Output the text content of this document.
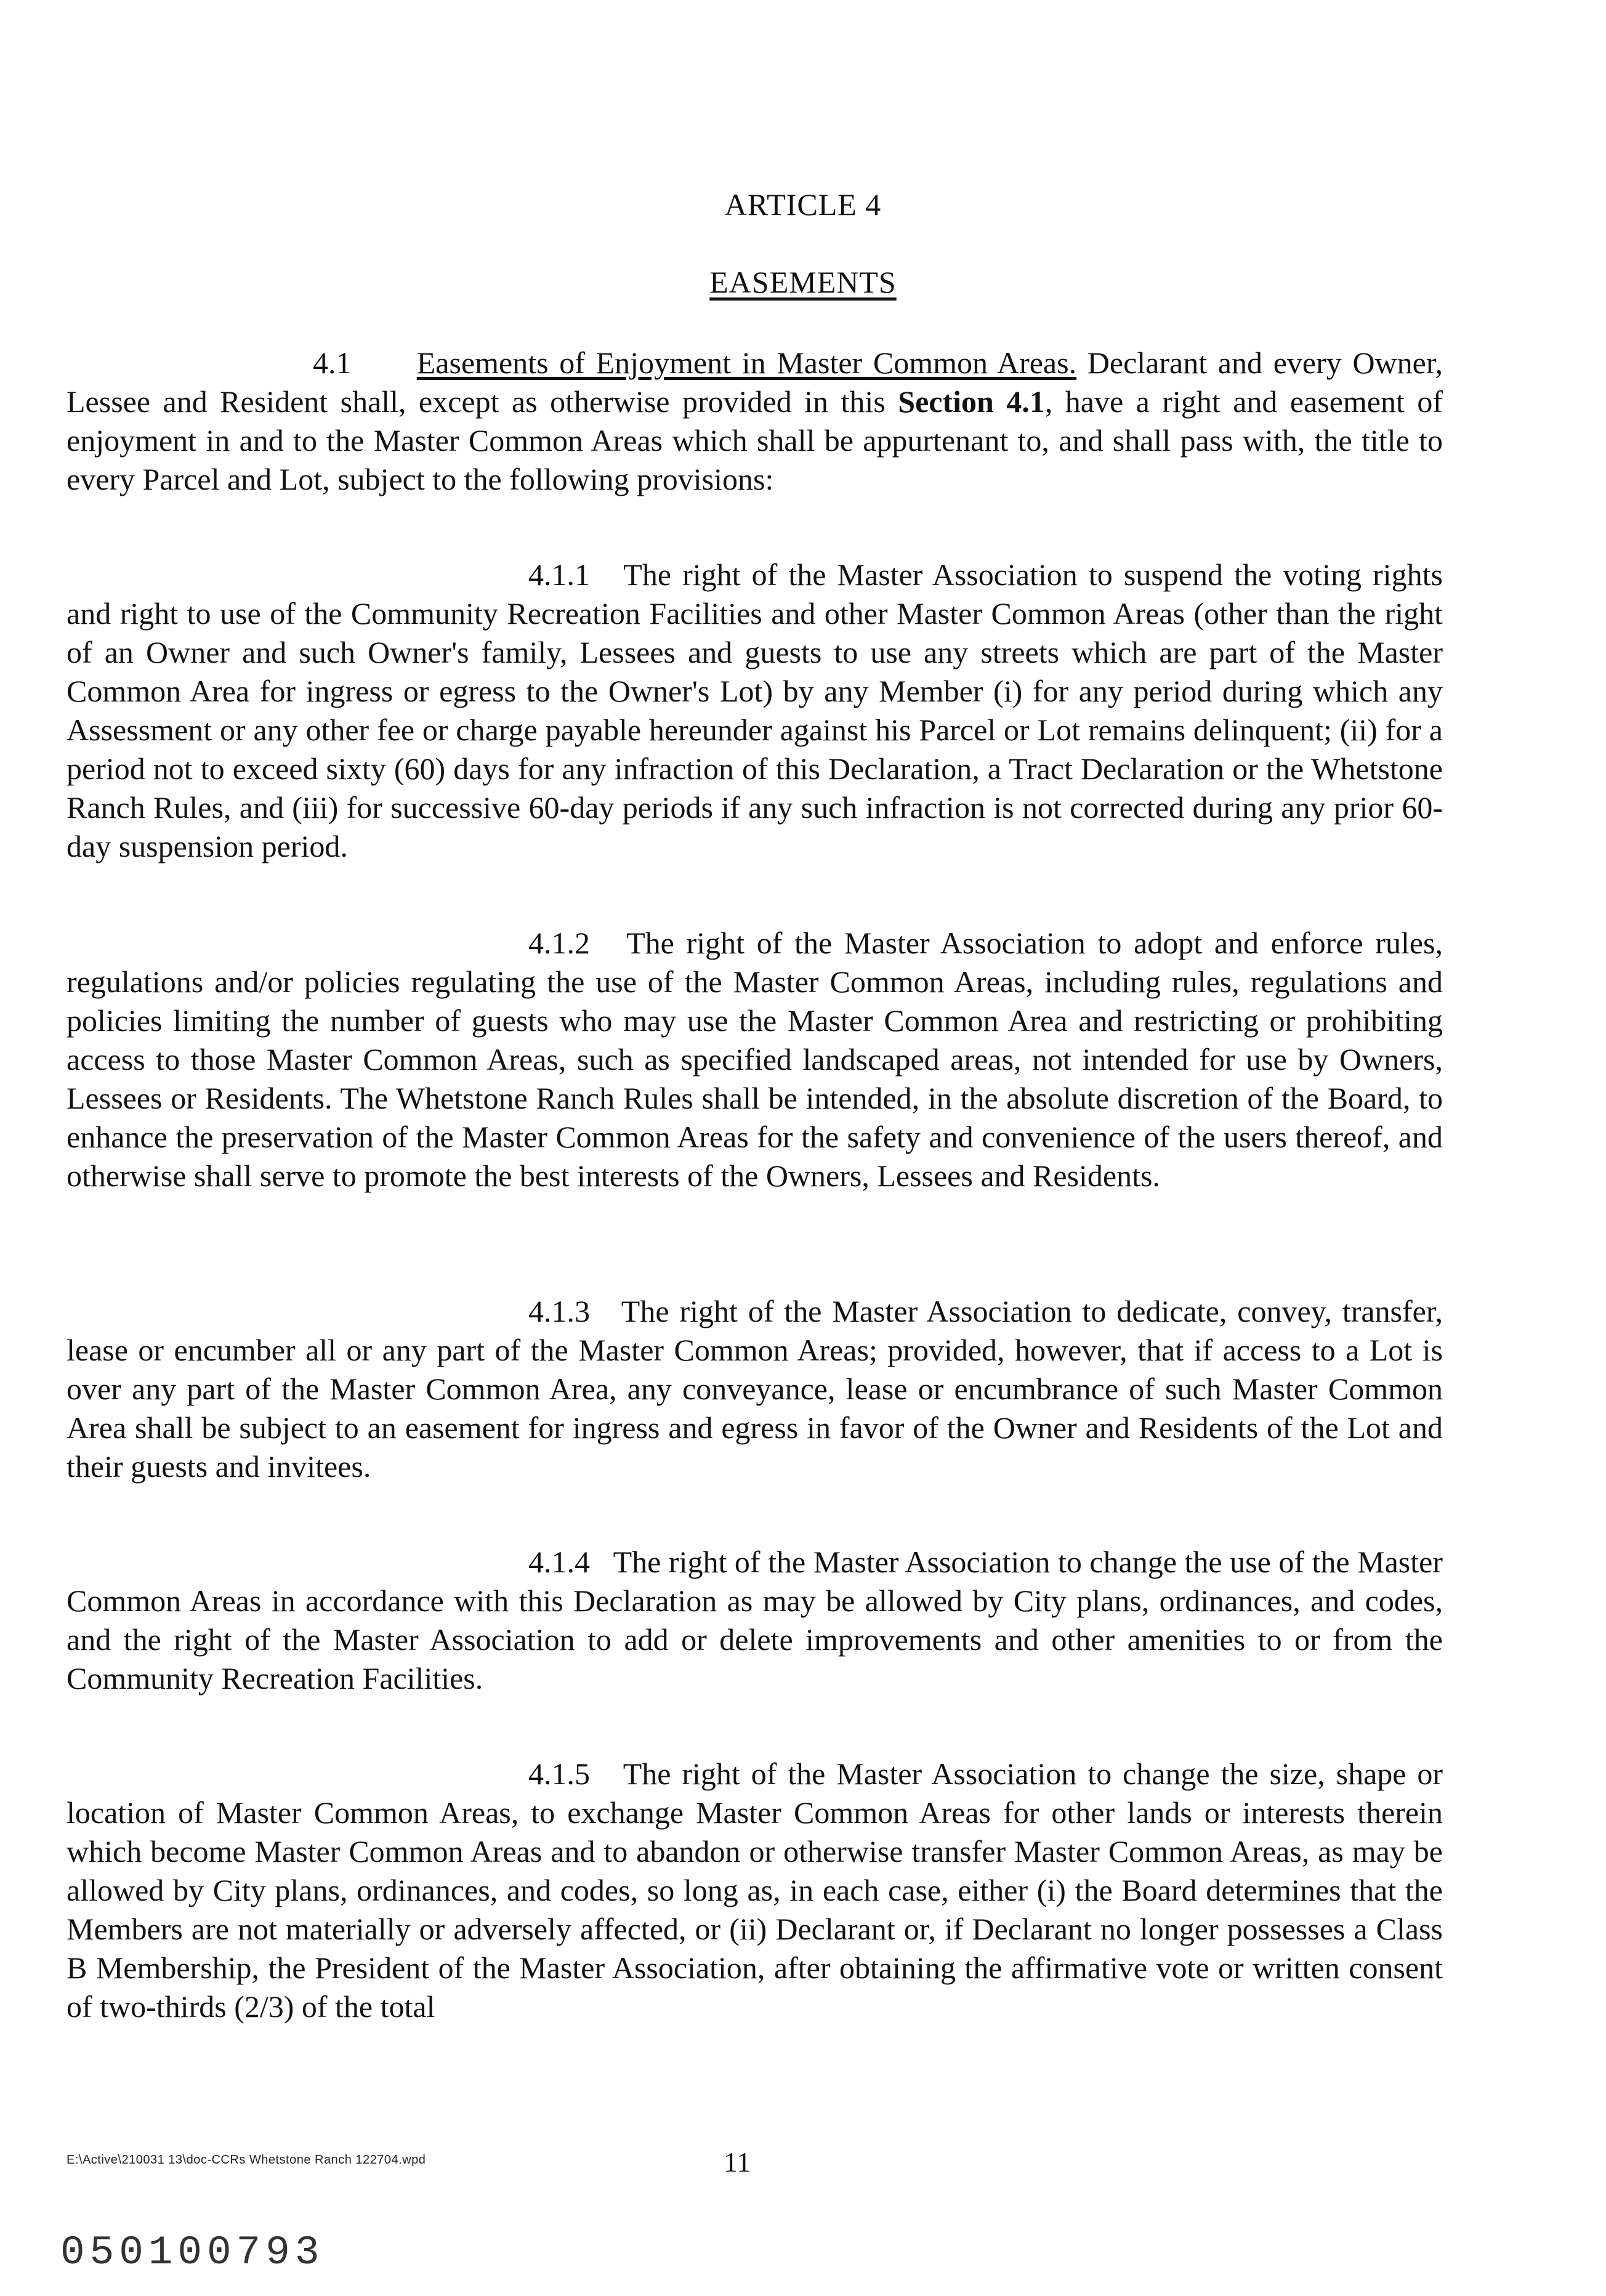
ARTICLE 4
EASEMENTS
4.1 Easements of Enjoyment in Master Common Areas. Declarant and every Owner, Lessee and Resident shall, except as otherwise provided in this Section 4.1, have a right and easement of enjoyment in and to the Master Common Areas which shall be appurtenant to, and shall pass with, the title to every Parcel and Lot, subject to the following provisions:
4.1.1 The right of the Master Association to suspend the voting rights and right to use of the Community Recreation Facilities and other Master Common Areas (other than the right of an Owner and such Owner's family, Lessees and guests to use any streets which are part of the Master Common Area for ingress or egress to the Owner's Lot) by any Member (i) for any period during which any Assessment or any other fee or charge payable hereunder against his Parcel or Lot remains delinquent; (ii) for a period not to exceed sixty (60) days for any infraction of this Declaration, a Tract Declaration or the Whetstone Ranch Rules, and (iii) for successive 60-day periods if any such infraction is not corrected during any prior 60-day suspension period.
4.1.2 The right of the Master Association to adopt and enforce rules, regulations and/or policies regulating the use of the Master Common Areas, including rules, regulations and policies limiting the number of guests who may use the Master Common Area and restricting or prohibiting access to those Master Common Areas, such as specified landscaped areas, not intended for use by Owners, Lessees or Residents. The Whetstone Ranch Rules shall be intended, in the absolute discretion of the Board, to enhance the preservation of the Master Common Areas for the safety and convenience of the users thereof, and otherwise shall serve to promote the best interests of the Owners, Lessees and Residents.
4.1.3 The right of the Master Association to dedicate, convey, transfer, lease or encumber all or any part of the Master Common Areas; provided, however, that if access to a Lot is over any part of the Master Common Area, any conveyance, lease or encumbrance of such Master Common Area shall be subject to an easement for ingress and egress in favor of the Owner and Residents of the Lot and their guests and invitees.
4.1.4 The right of the Master Association to change the use of the Master Common Areas in accordance with this Declaration as may be allowed by City plans, ordinances, and codes, and the right of the Master Association to add or delete improvements and other amenities to or from the Community Recreation Facilities.
4.1.5 The right of the Master Association to change the size, shape or location of Master Common Areas, to exchange Master Common Areas for other lands or interests therein which become Master Common Areas and to abandon or otherwise transfer Master Common Areas, as may be allowed by City plans, ordinances, and codes, so long as, in each case, either (i) the Board determines that the Members are not materially or adversely affected, or (ii) Declarant or, if Declarant no longer possesses a Class B Membership, the President of the Master Association, after obtaining the affirmative vote or written consent of two-thirds (2/3) of the total
E:\Active\210031 13\doc-CCRs Whetstone Ranch 122704.wpd	11
050100793
